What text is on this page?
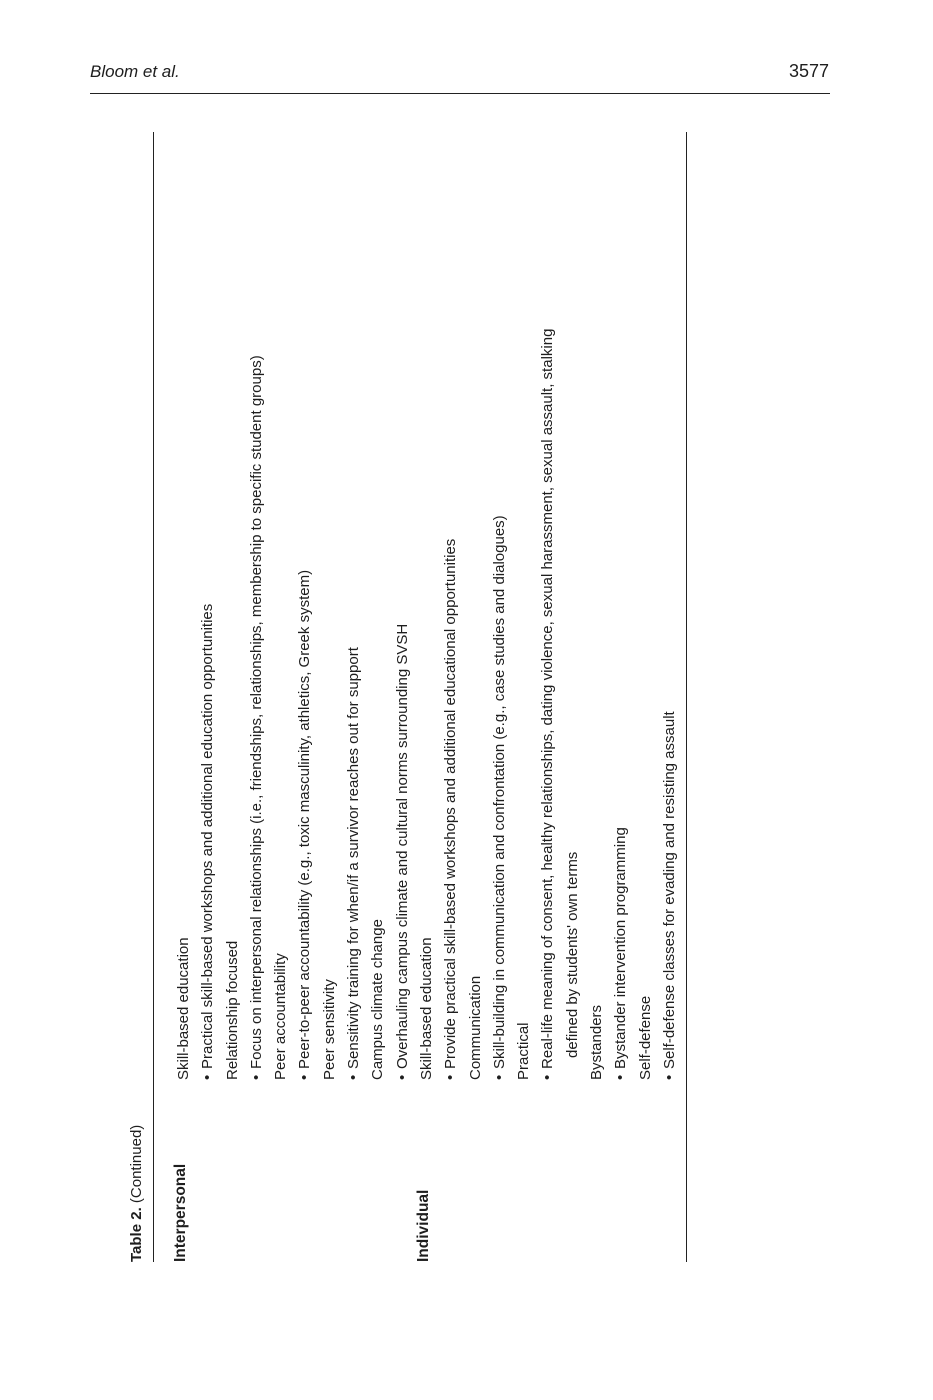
Bloom et al.	3577
Table 2. (Continued) Interpersonal	Individual
Skill-based education •Practical skill-based workshops and additional education opportunities Relationship focused •Focus on interpersonal relationships (i.e., friendships, relationships, membership to specific student groups) Peer accountability •Peer-to-peer accountability (e.g., toxic masculinity, athletics, Greek system) Peer sensitivity •Sensitivity training for when/if a survivor reaches out for support Campus climate change •Overhauling campus climate and cultural norms surrounding SVSH Skill-based education •Provide practical skill-based workshops and additional educational opportunities Communication •Skill-building in communication and confrontation (e.g., case studies and dialogues) Practical •Real-life meaning of consent, healthy relationships, dating violence, sexual harassment, sexual assault, stalking defined by students' own terms Bystanders •Bystander intervention programming Self-defense •Self-defense classes for evading and resisting assault
